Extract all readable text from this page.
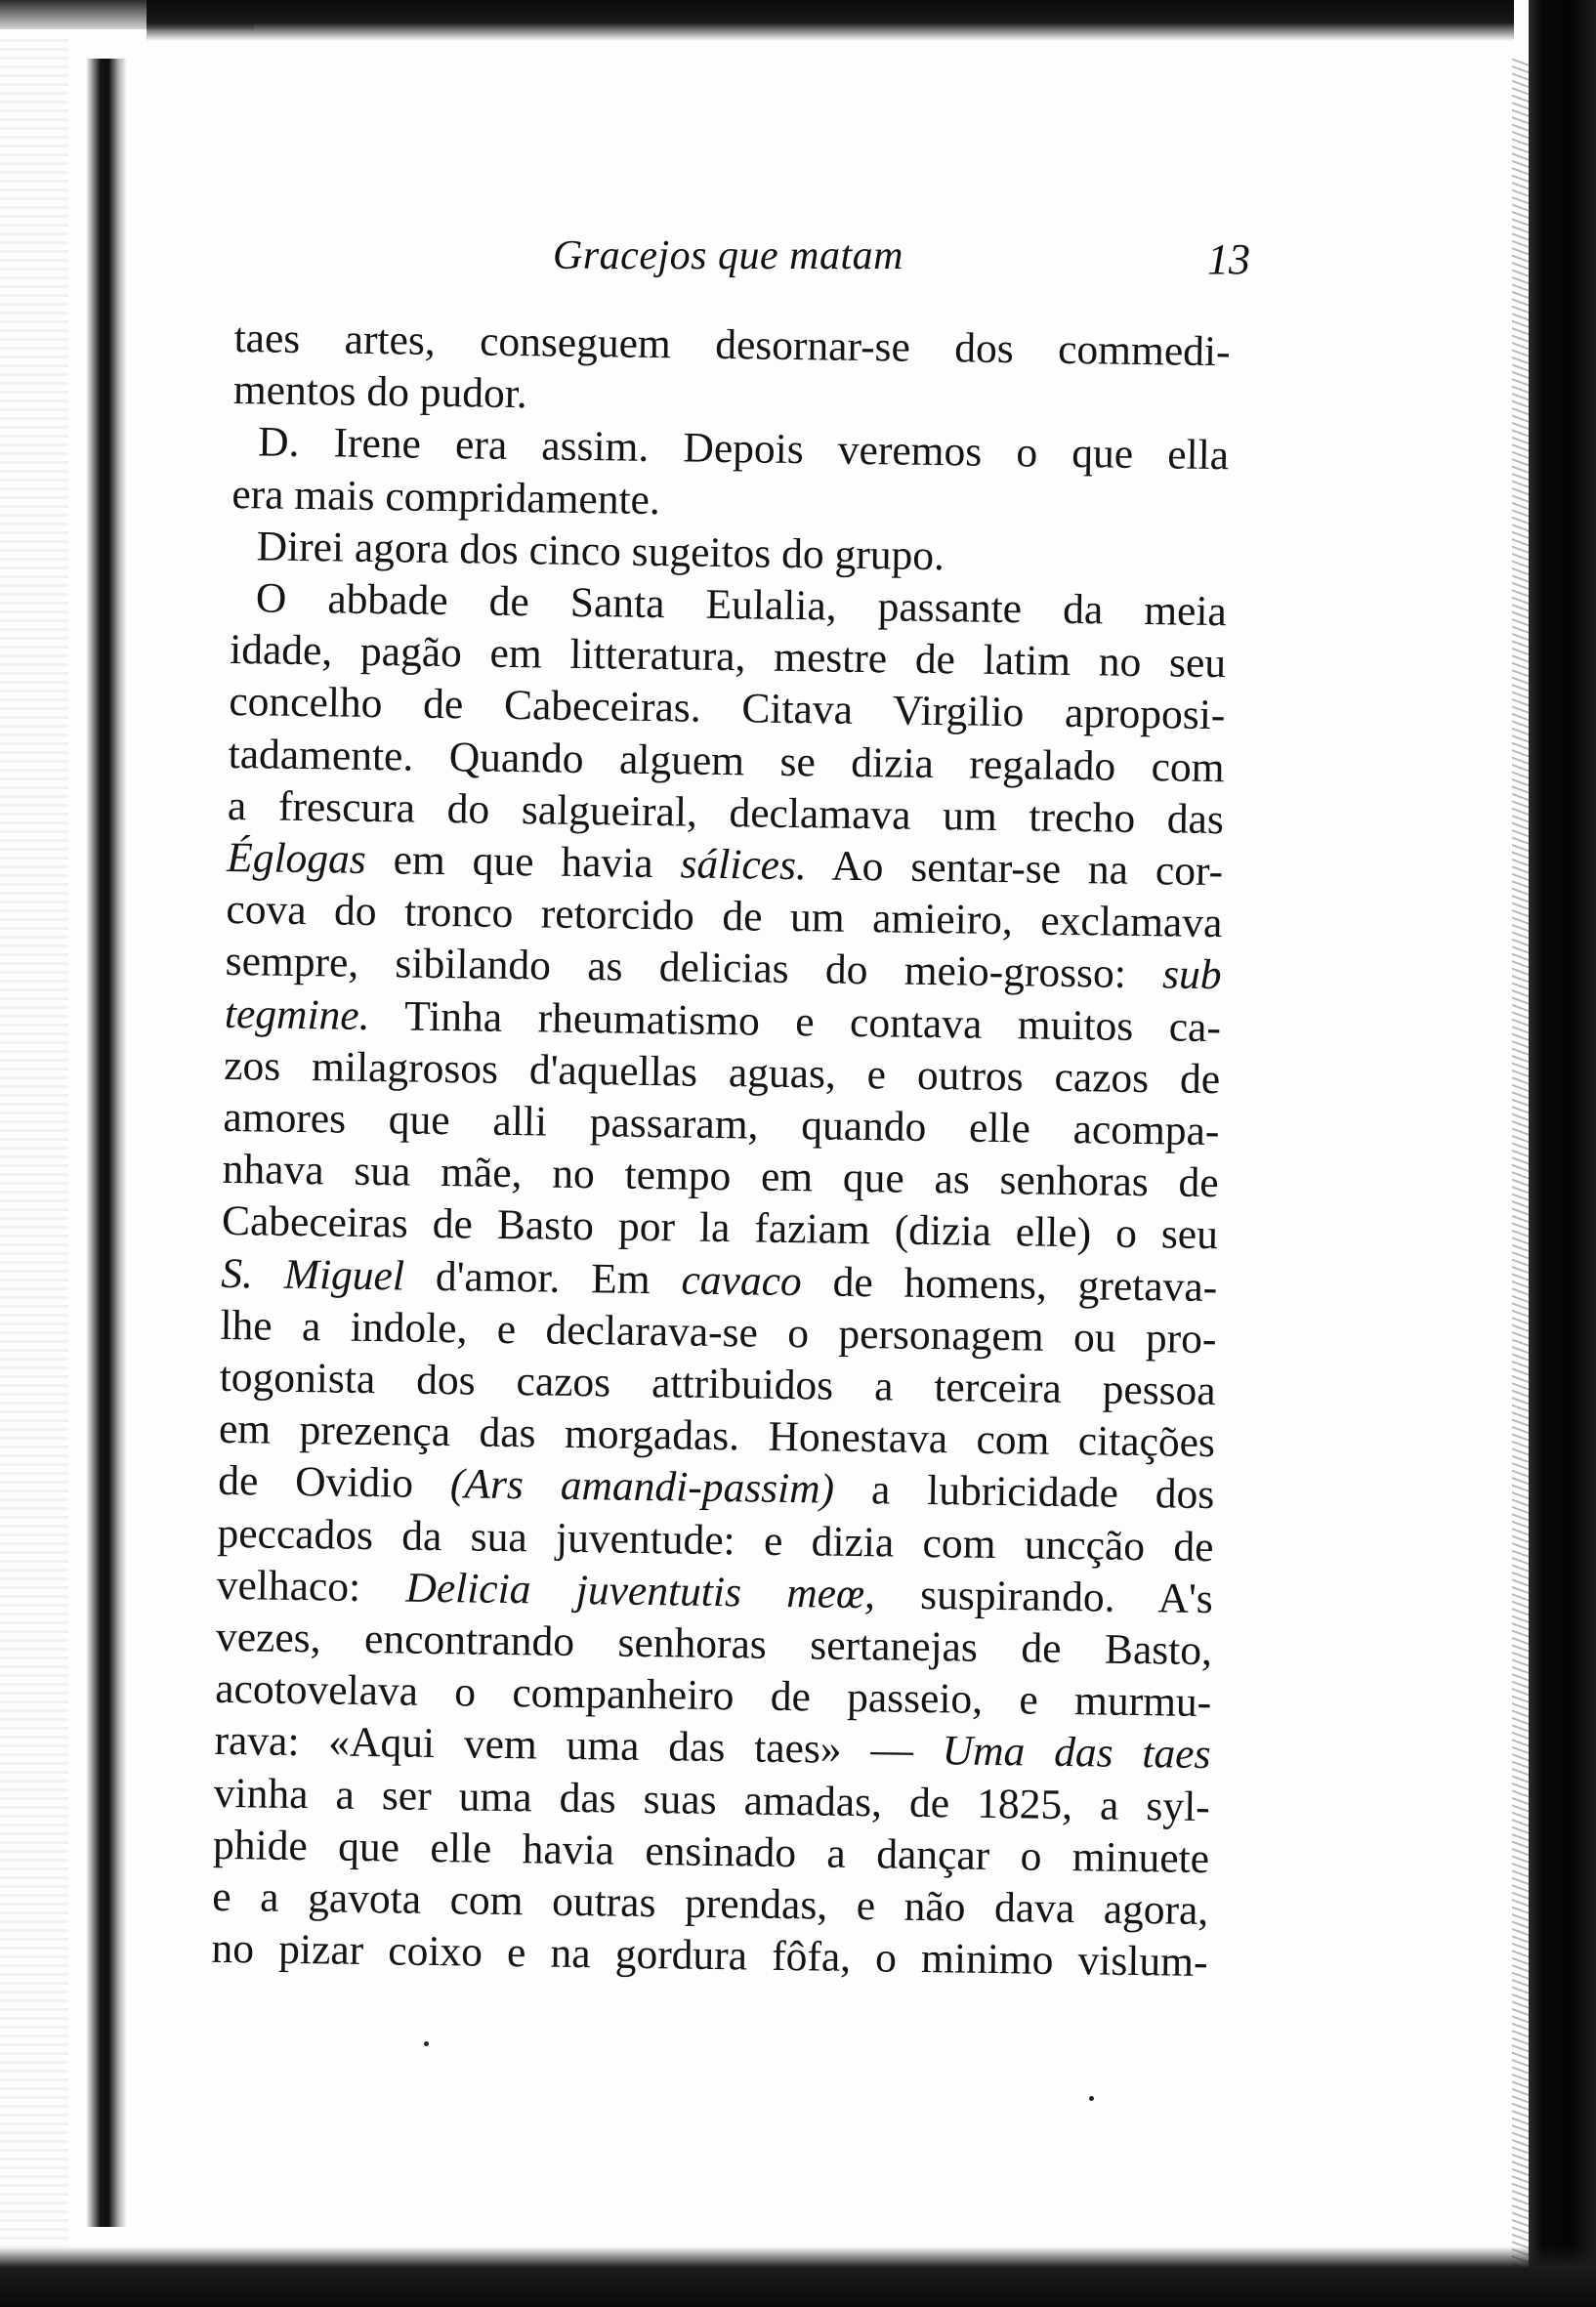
Gracejos que matam	13
taes artes, conseguem desornar-se dos commedi-
mentos do pudor.
D. Irene era assim. Depois veremos o que ella
era mais compridamente.
Direi agora dos cinco sugeitos do grupo.
O abbade de Santa Eulalia, passante da meia
idade, pagão em litteratura, mestre de latim no seu
concelho de Cabeceiras. Citava Virgilio aproposi-
tadamente. Quando alguem se dizia regalado com
a frescura do salgueiral, declamava um trecho das
Églogas em que havia sálices. Ao sentar-se na cor-
cova do tronco retorcido de um amieiro, exclamava
sempre, sibilando as delicias do meio-grosso: sub
tegmine. Tinha rheumatismo e contava muitos ca-
zos milagrosos d'aquellas aguas, e outros cazos de
amores que alli passaram, quando elle acompa-
nhava sua mãe, no tempo em que as senhoras de
Cabeceiras de Basto por la faziam (dizia elle) o seu
S. Miguel d'amor. Em cavaco de homens, gretava-
lhe a indole, e declarava-se o personagem ou pro-
togonista dos cazos attribuidos a terceira pessoa
em prezença das morgadas. Honestava com citações
de Ovidio (Ars amandi-passim) a lubricidade dos
peccados da sua juventude: e dizia com uncção de
velhaco: Delicia juventutis meœ, suspirando. A's
vezes, encontrando senhoras sertanejas de Basto,
acotovelava o companheiro de passeio, e murmu-
rava: «Aqui vem uma das taes» — Uma das taes
vinha a ser uma das suas amadas, de 1825, a syl-
phide que elle havia ensinado a dançar o minuete
e a gavota com outras prendas, e não dava agora,
no pizar coixo e na gordura fôfa, o minimo vislum-
